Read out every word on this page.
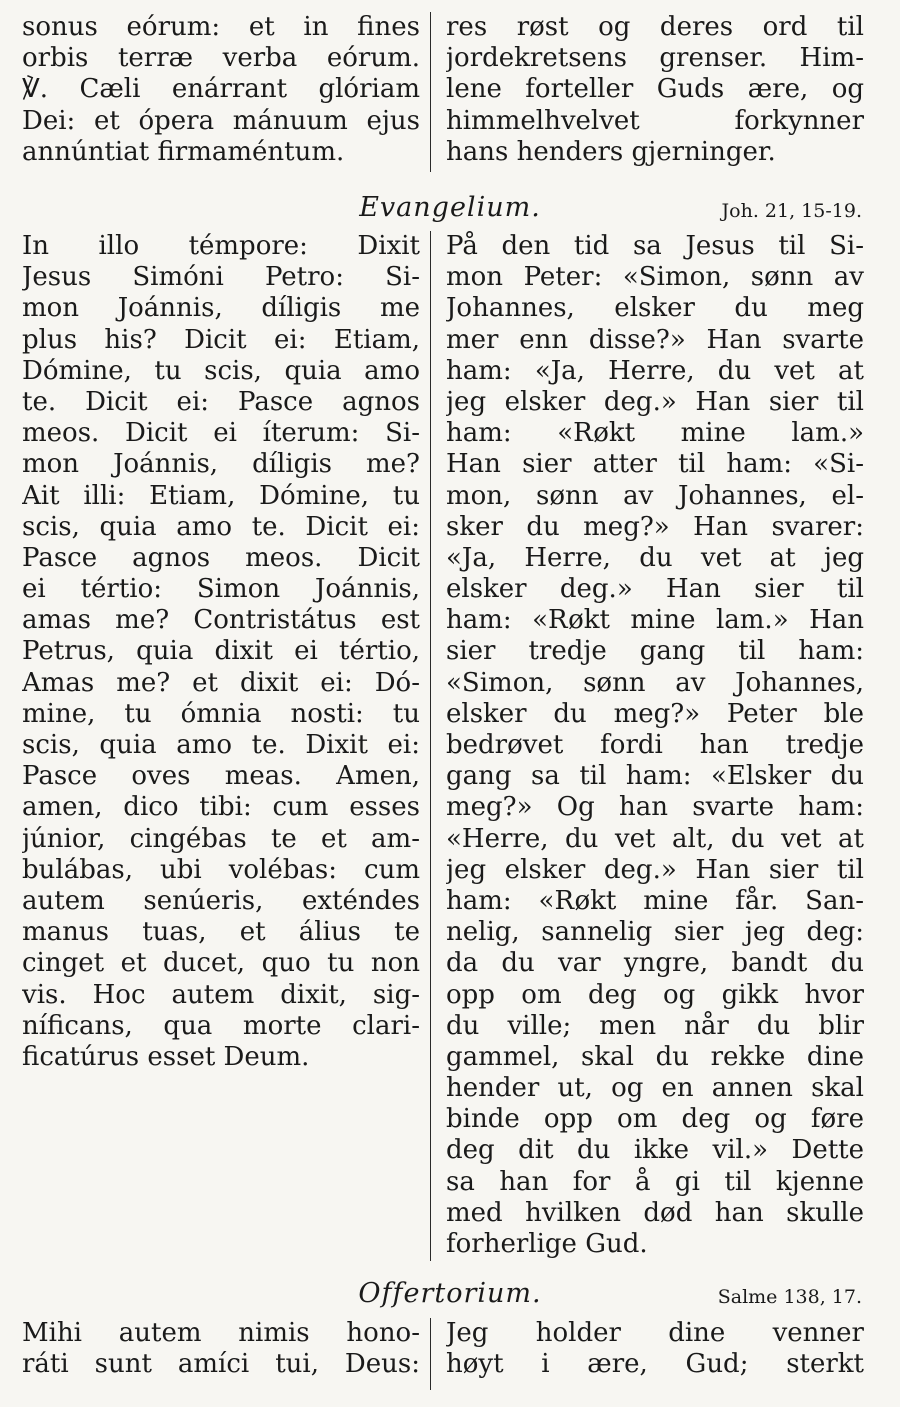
sonus eórum: et in fines
orbis terræ verba eórum.
℣. Cæli enárrant glóriam
Dei: et ópera mánuum ejus
annúntiat firmaméntum.
res røst og deres ord til
jordekretsens grenser. Him-
lene forteller Guds ære, og
himmelhvelvet forkynner
hans henders gjerninger.
Evangelium.	Joh. 21, 15-19.
In illo témpore: Dixit
Jesus Simóni Petro: Si-
mon Joánnis, díligis me
plus his? Dicit ei: Etiam,
Dómine, tu scis, quia amo
te. Dicit ei: Pasce agnos
meos. Dicit ei íterum: Si-
mon Joánnis, díligis me?
Ait illi: Etiam, Dómine, tu
scis, quia amo te. Dicit ei:
Pasce agnos meos. Dicit
ei tértio: Simon Joánnis,
amas me? Contristátus est
Petrus, quia dixit ei tértio,
Amas me? et dixit ei: Dó-
mine, tu ómnia nosti: tu
scis, quia amo te. Dixit ei:
Pasce oves meas. Amen,
amen, dico tibi: cum esses
júnior, cingébas te et am-
bulábas, ubi volébas: cum
autem senúeris, exténdes
manus tuas, et álius te
cinget et ducet, quo tu non
vis. Hoc autem dixit, sig-
níficans, qua morte clari-
ficatúrus esset Deum.
På den tid sa Jesus til Si-
mon Peter: «Simon, sønn av
Johannes, elsker du meg
mer enn disse?» Han svarte
ham: «Ja, Herre, du vet at
jeg elsker deg.» Han sier til
ham: «Røkt mine lam.»
Han sier atter til ham: «Si-
mon, sønn av Johannes, el-
sker du meg?» Han svarer:
«Ja, Herre, du vet at jeg
elsker deg.» Han sier til
ham: «Røkt mine lam.» Han
sier tredje gang til ham:
«Simon, sønn av Johannes,
elsker du meg?» Peter ble
bedrøvet fordi han tredje
gang sa til ham: «Elsker du
meg?» Og han svarte ham:
«Herre, du vet alt, du vet at
jeg elsker deg.» Han sier til
ham: «Røkt mine får. San-
nelig, sannelig sier jeg deg:
da du var yngre, bandt du
opp om deg og gikk hvor
du ville; men når du blir
gammel, skal du rekke dine
hender ut, og en annen skal
binde opp om deg og føre
deg dit du ikke vil.» Dette
sa han for å gi til kjenne
med hvilken død han skulle
forherlige Gud.
Offertorium.	Salme 138, 17.
Mihi autem nimis hono-
ráti sunt amíci tui, Deus:
Jeg holder dine venner
høyt i ære, Gud; sterkt
